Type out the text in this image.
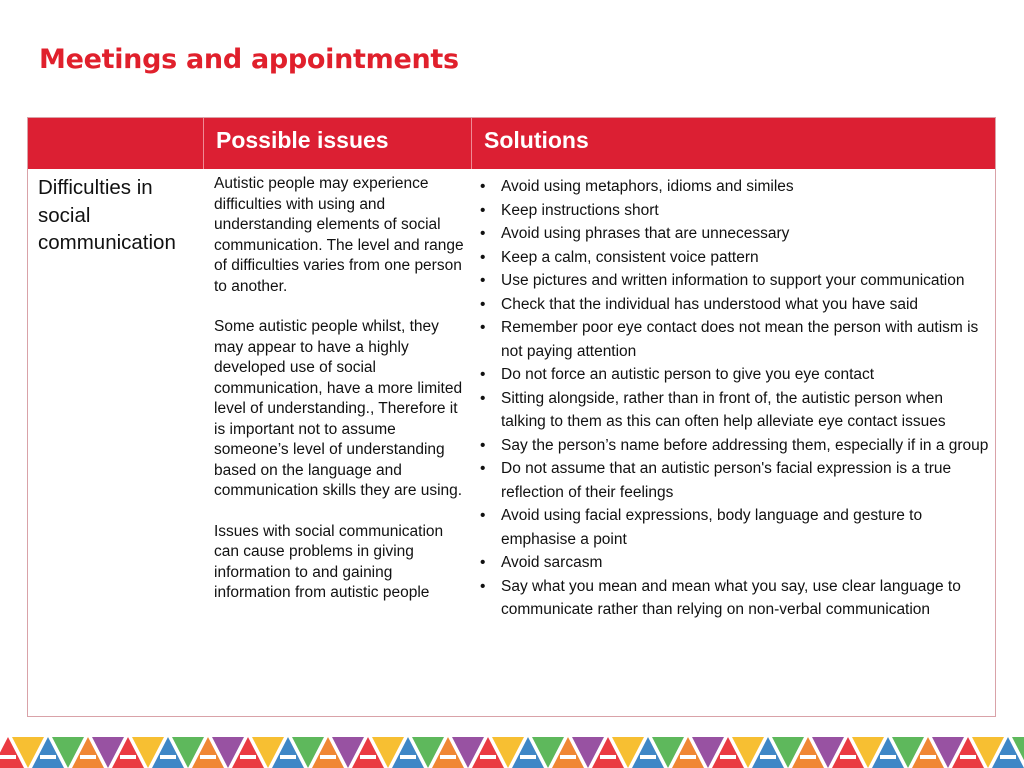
Meetings and appointments
Possible issues	Solutions
Difficulties in social communication

Autistic people may experience difficulties with using and understanding elements of social communication. The level and range of difficulties varies from one person to another.

Some autistic people whilst, they may appear to have a highly developed use of social communication, have a more limited level of understanding., Therefore it is important not to assume someone’s level of understanding based on the language and communication skills they are using.

Issues with social communication can cause problems in giving information to and gaining information from autistic people

• Avoid using metaphors, idioms and similes
• Keep instructions short
• Avoid using phrases that are unnecessary
• Keep a calm, consistent voice pattern
• Use pictures and written information to support your communication
• Check that the individual has understood what you have said
• Remember poor eye contact does not mean the person with autism is not paying attention
• Do not force an autistic person to give you eye contact
• Sitting alongside, rather than in front of, the autistic person when talking to them as this can often help alleviate eye contact issues
• Say the person’s name before addressing them, especially if in a group
• Do not assume that an autistic person's facial expression is a true reflection of their feelings
• Avoid using facial expressions, body language and gesture to emphasise a point
• Avoid sarcasm
• Say what you mean and mean what you say, use clear language to communicate rather than relying on non-verbal communication
